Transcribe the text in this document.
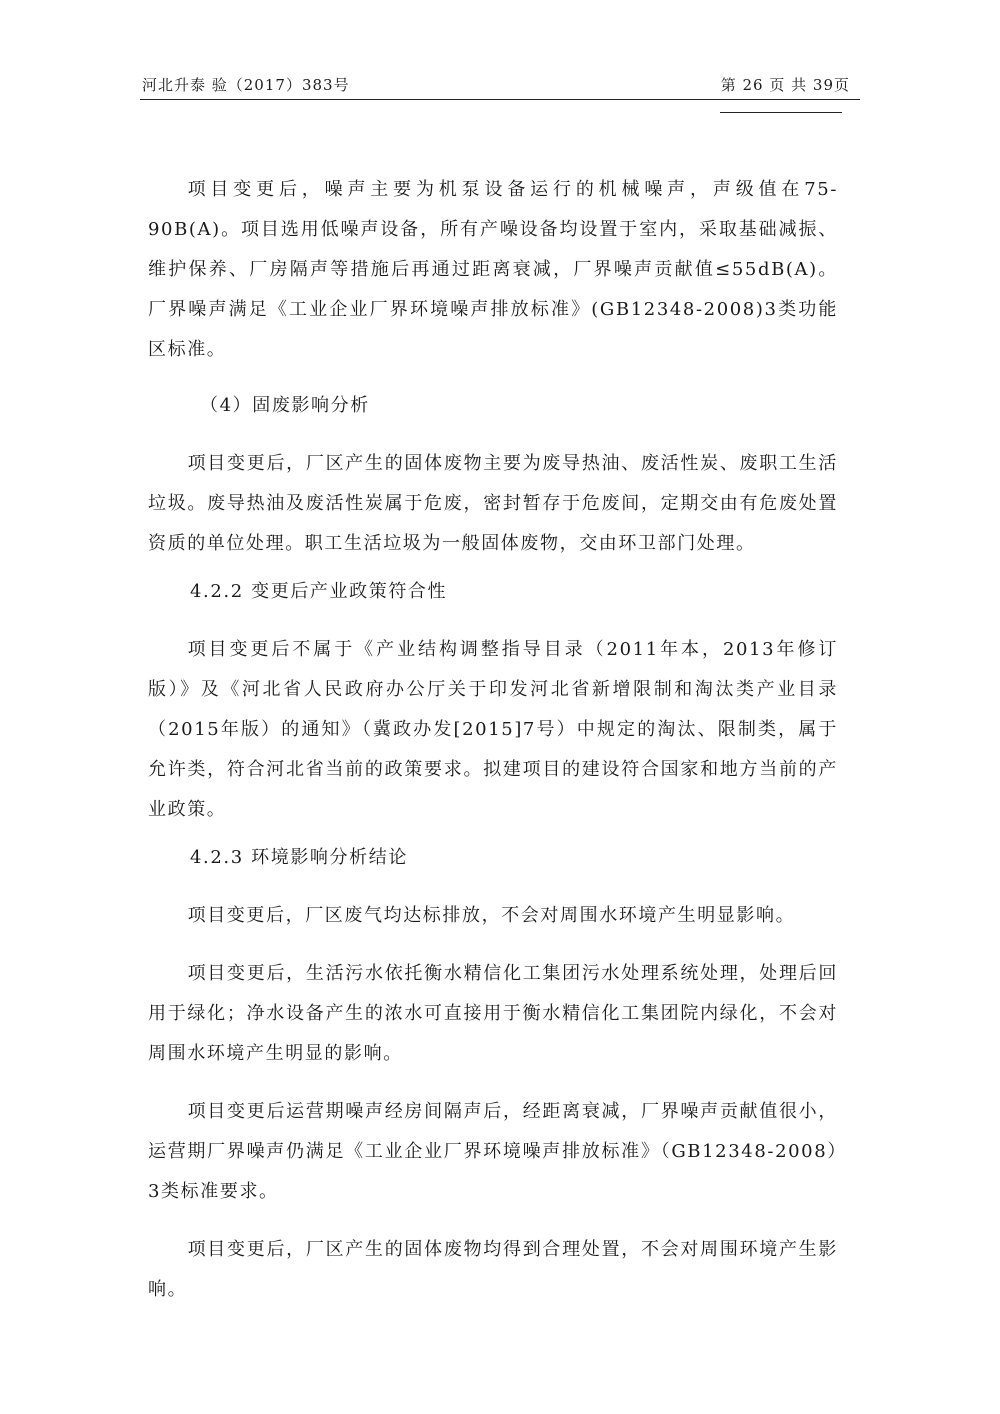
河北升泰 验（2017）383号	第 26 页 共 39页

项目变更后，噪声主要为机泵设备运行的机械噪声，声级值在75-90B(A)。项目选用低噪声设备，所有产噪设备均设置于室内，采取基础减振、维护保养、厂房隔声等措施后再通过距离衰减，厂界噪声贡献值≤55dB(A)。厂界噪声满足《工业企业厂界环境噪声排放标准》(GB12348-2008)3类功能区标准。

（4）固废影响分析

项目变更后，厂区产生的固体废物主要为废导热油、废活性炭、废职工生活垃圾。废导热油及废活性炭属于危废，密封暂存于危废间，定期交由有危废处置资质的单位处理。职工生活垃圾为一般固体废物，交由环卫部门处理。

4.2.2 变更后产业政策符合性

项目变更后不属于《产业结构调整指导目录（2011年本，2013年修订版）》及《河北省人民政府办公厅关于印发河北省新增限制和淘汰类产业目录（2015年版）的通知》（冀政办发[2015]7号）中规定的淘汰、限制类，属于允许类，符合河北省当前的政策要求。拟建项目的建设符合国家和地方当前的产业政策。

4.2.3 环境影响分析结论

项目变更后，厂区废气均达标排放，不会对周围水环境产生明显影响。

项目变更后，生活污水依托衡水精信化工集团污水处理系统处理，处理后回用于绿化；净水设备产生的浓水可直接用于衡水精信化工集团院内绿化，不会对周围水环境产生明显的影响。

项目变更后运营期噪声经房间隔声后，经距离衰减，厂界噪声贡献值很小，运营期厂界噪声仍满足《工业企业厂界环境噪声排放标准》（GB12348-2008）3类标准要求。

项目变更后，厂区产生的固体废物均得到合理处置，不会对周围环境产生影响。
